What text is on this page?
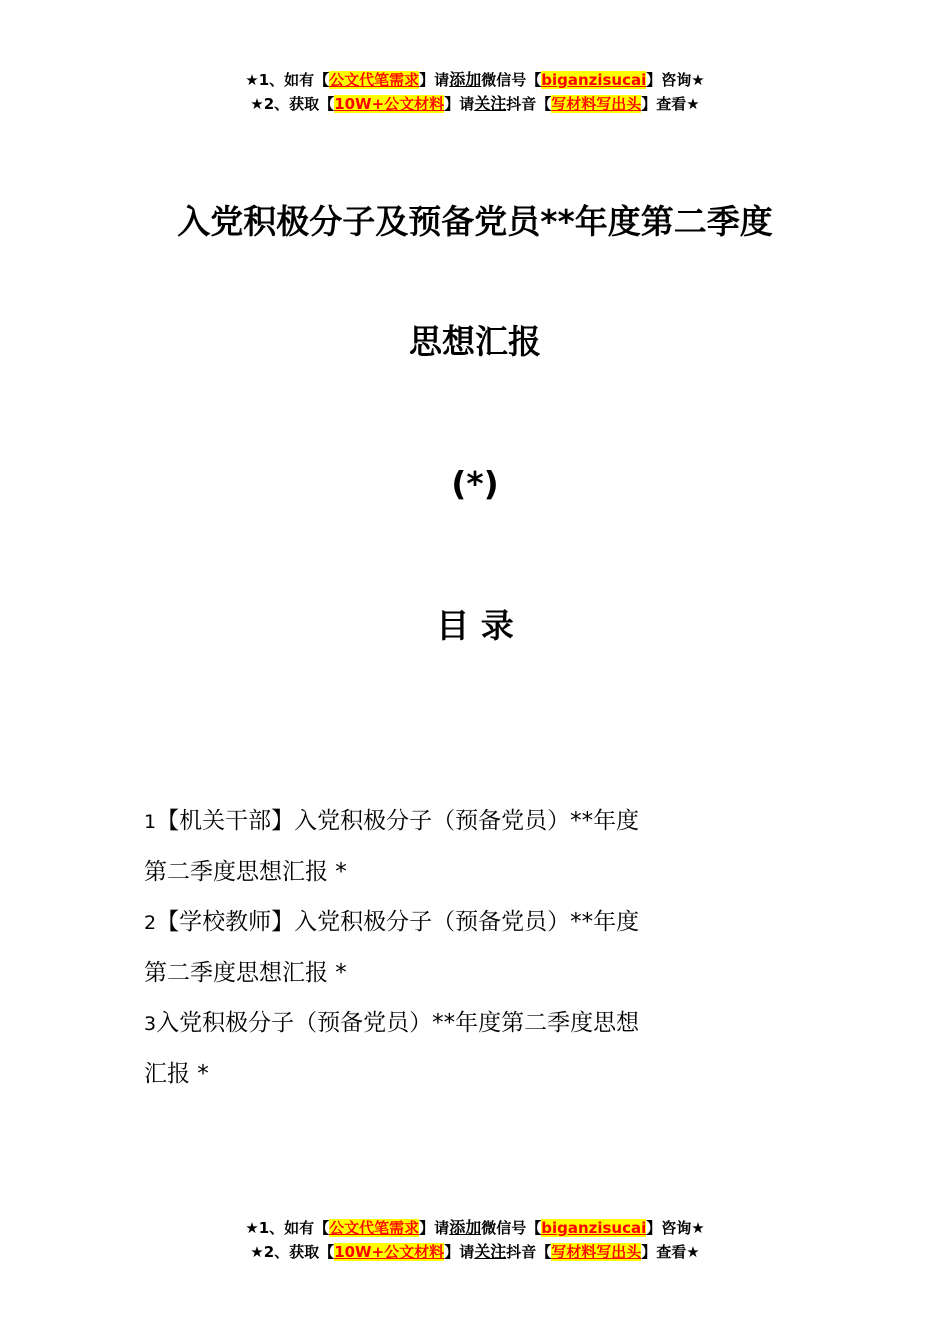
★1、如有【公文代笔需求】请添加微信号【biganzisucai】咨询★
★2、获取【10W+公文材料】请关注抖音【写材料写出头】查看★
入党积极分子及预备党员**年度第二季度
思想汇报
(*)
目 录
1【机关干部】入党积极分子（预备党员）**年度
第二季度思想汇报 *
2【学校教师】入党积极分子（预备党员）**年度
第二季度思想汇报 *
3入党积极分子（预备党员）**年度第二季度思想
汇报 *
★1、如有【公文代笔需求】请添加微信号【biganzisucai】咨询★
★2、获取【10W+公文材料】请关注抖音【写材料写出头】查看★
